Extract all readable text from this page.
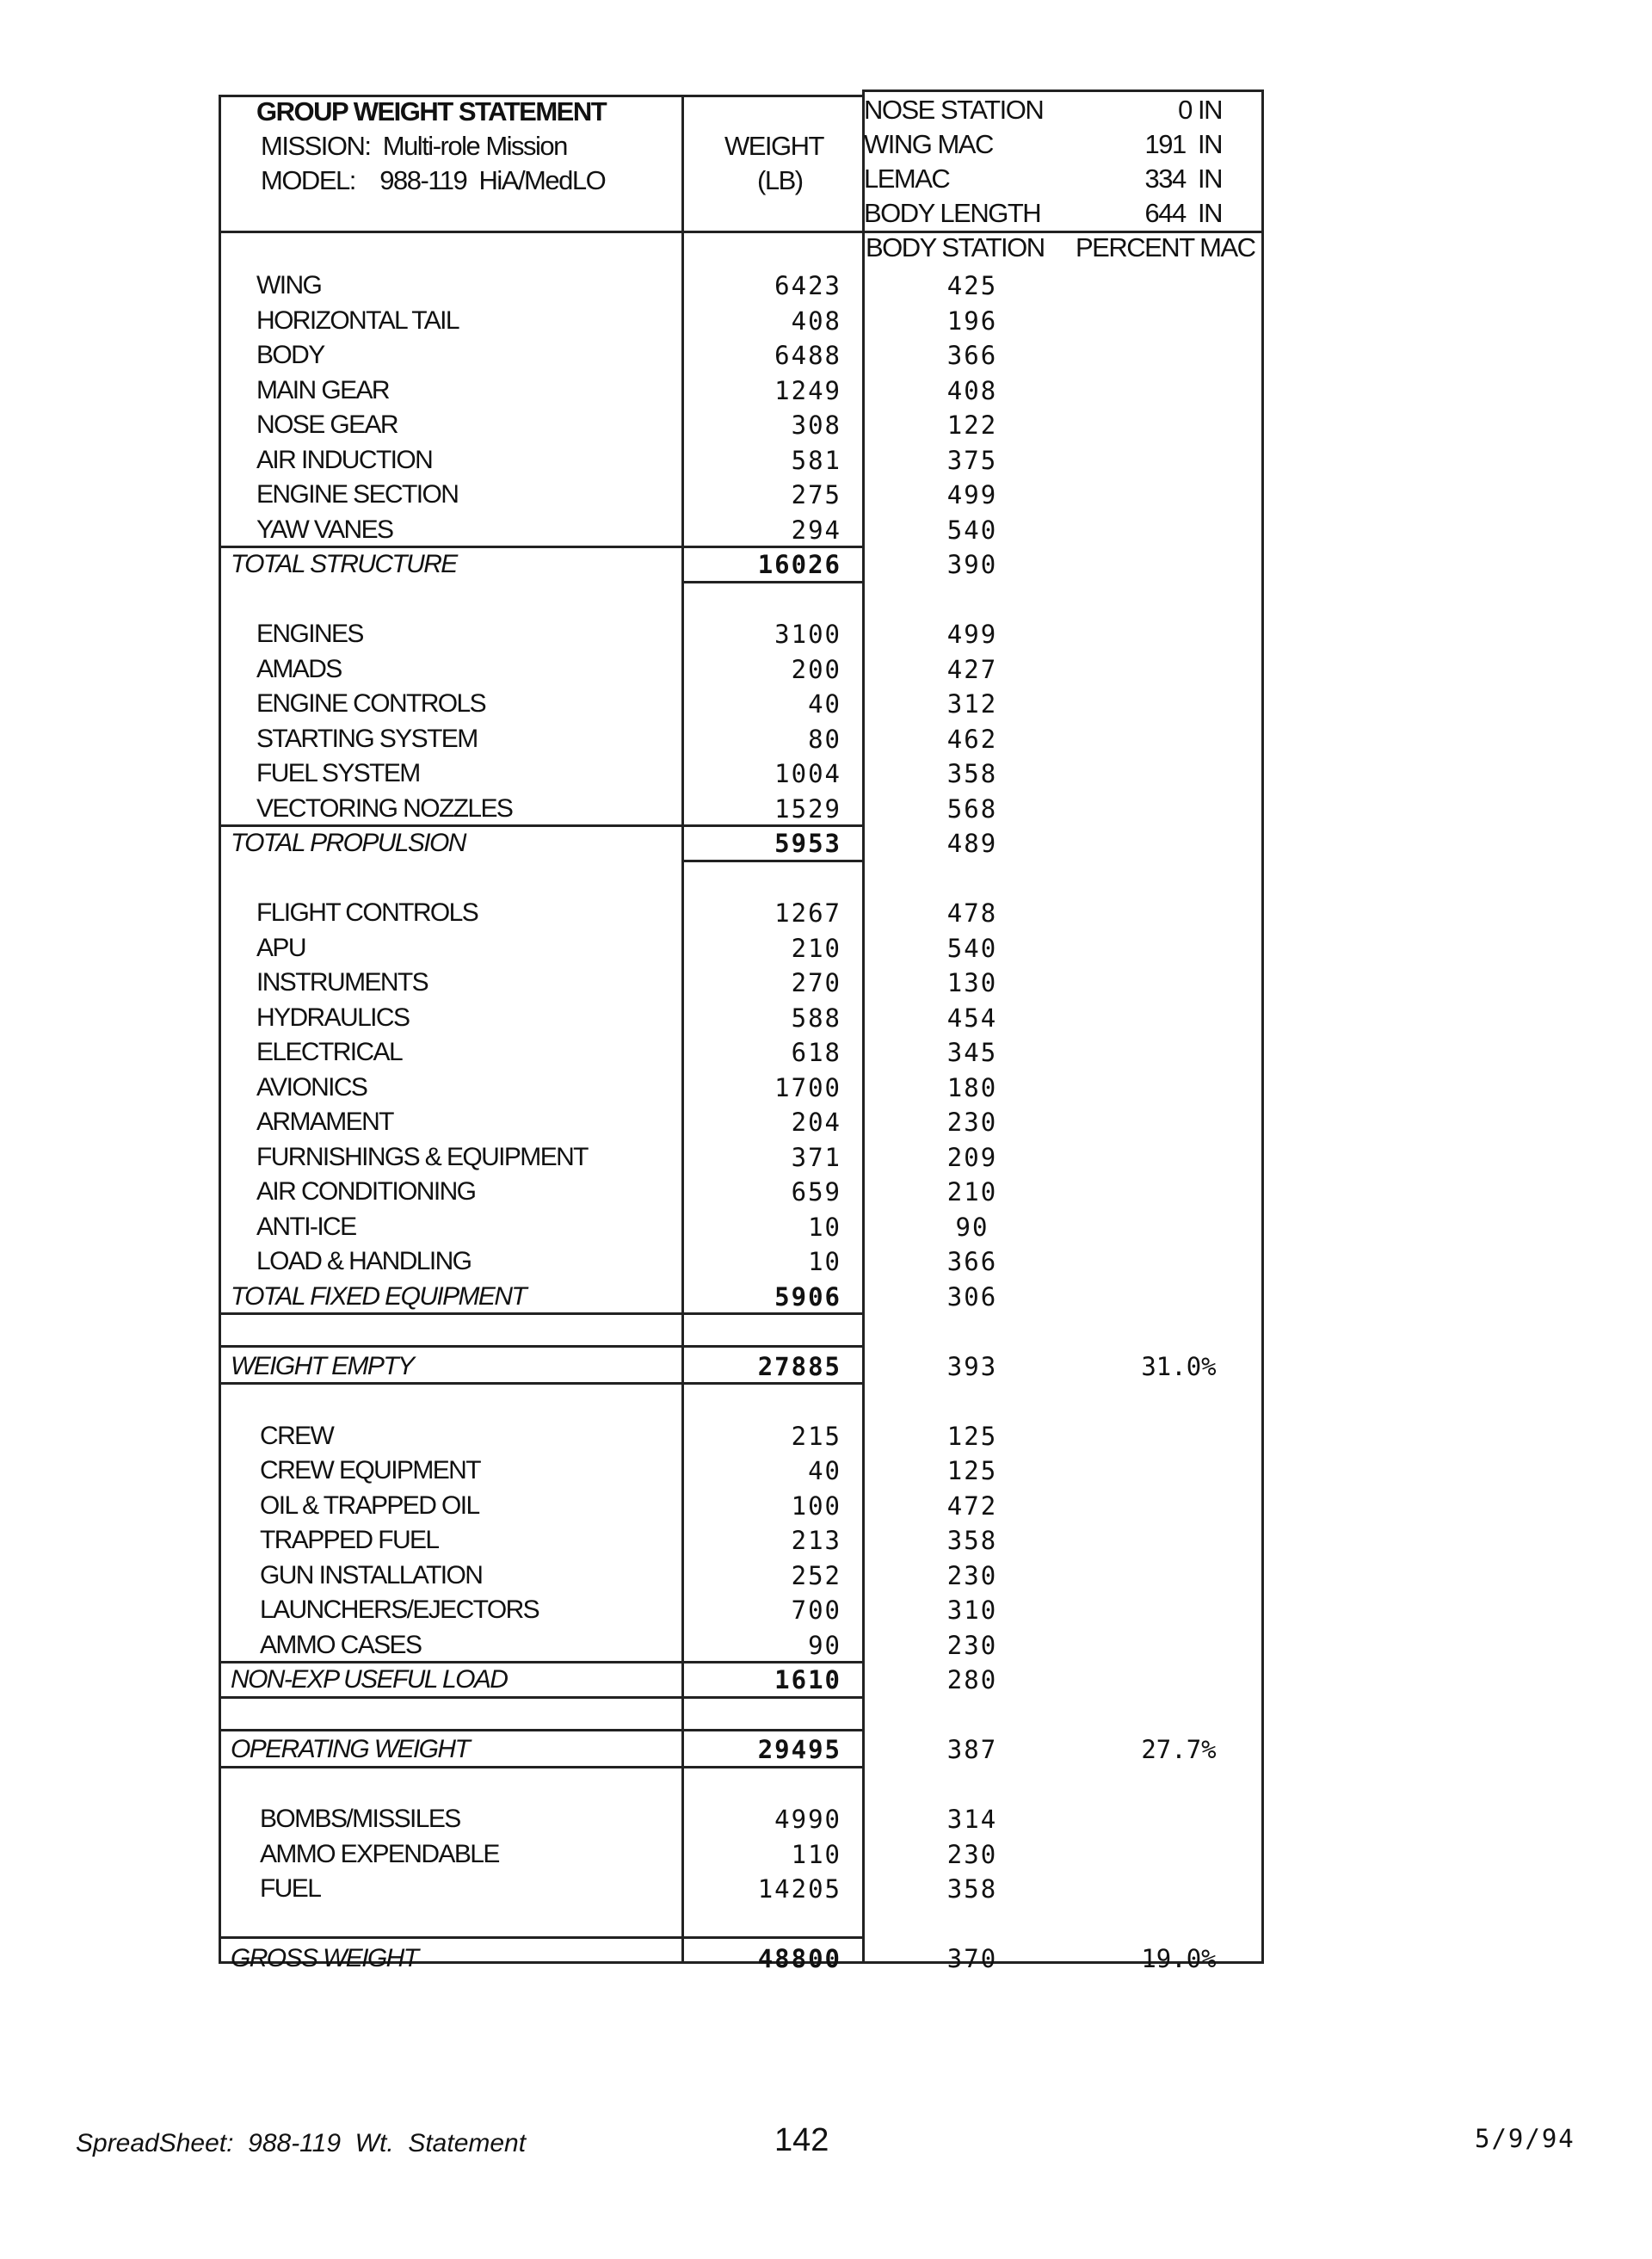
GROUP WEIGHT STATEMENT
MISSION:  Multi-role Mission
MODEL:    988-119  HiA/MedLO
WEIGHT
(LB)
NOSE STATION	0 IN
WING MAC	191  IN
LEMAC	334  IN
BODY LENGTH	644  IN
BODY STATION PERCENT MAC
WING	6423	425
HORIZONTAL TAIL	408	196
BODY	6488	366
MAIN GEAR	1249	408
NOSE GEAR	308	122
AIR INDUCTION	581	375
ENGINE SECTION	275	499
YAW VANES	294	540
TOTAL STRUCTURE	16026	390
ENGINES	3100	499
AMADS	200	427
ENGINE CONTROLS	40	312
STARTING SYSTEM	80	462
FUEL SYSTEM	1004	358
VECTORING NOZZLES	1529	568
TOTAL PROPULSION	5953	489
FLIGHT CONTROLS	1267	478
APU	210	540
INSTRUMENTS	270	130
HYDRAULICS	588	454
ELECTRICAL	618	345
AVIONICS	1700	180
ARMAMENT	204	230
FURNISHINGS & EQUIPMENT	371	209
AIR CONDITIONING	659	210
ANTI-ICE	10	90
LOAD & HANDLING	10	366
TOTAL FIXED EQUIPMENT	5906	306
WEIGHT EMPTY	27885	393	31.0%
CREW	215	125
CREW EQUIPMENT	40	125
OIL & TRAPPED OIL	100	472
TRAPPED FUEL	213	358
GUN INSTALLATION	252	230
LAUNCHERS/EJECTORS	700	310
AMMO CASES	90	230
NON-EXP USEFUL LOAD	1610	280
OPERATING WEIGHT	29495	387	27.7%
BOMBS/MISSILES	4990	314
AMMO EXPENDABLE	110	230
FUEL	14205	358
GROSS WEIGHT	48800	370	19.0%
SpreadSheet:  988-119  Wt.  Statement	142	5/9/94
